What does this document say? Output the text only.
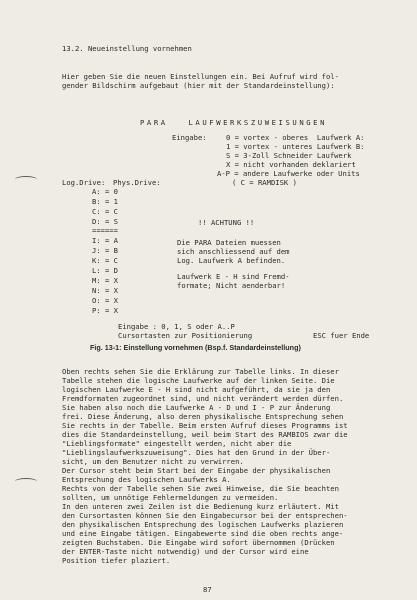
13.2. Neueinstellung vornehmen
Hier geben Sie die neuen Einstellungen ein. Bei Aufruf wird fol-
gender Bildschirm aufgebaut (hier mit der Standardeinstellung):
PARA   LAUFWERKSZUWEISUNGEN
Eingabe:	0 = vortex - oberes  Laufwerk A:
1 = vortex - unteres Laufwerk B:
S = 3-Zoll Schneider Laufwerk
X = nicht vorhanden deklariert
A-P = andere Laufwerke oder Units
( C = RAMDISK )
Log.Drive: Phys.Drive:
A: = 0
B: = 1
C: = C
D: = S
======
I: = A
J: = B
K: = C
L: = D
M: = X
N: = X
O: = X
P: = X
!! ACHTUNG !!
Die PARA Dateien muessen
sich anschliessend auf dem
Log. Laufwerk A befinden.
Laufwerk E - H sind Fremd-
formate; Nicht aenderbar!
Eingabe : 0, 1, S oder A..P
Cursortasten zur Positionierung	ESC fuer Ende
Fig. 13-1: Einstellung vornehmen (Bsp.f. Standardeinstellung)
Oben rechts sehen Sie die Erklärung zur Tabelle links. In dieser
Tabelle stehen die logische Laufwerke auf der linken Seite. Die
logischen Laufwerke E - H sind nicht aufgeführt, da sie ja den
Fremdformaten zugeordnet sind, und nicht verändert werden dürfen.
Sie haben also noch die Laufwerke A - D und I - P zur Änderung
frei. Diese Änderung, also deren physikalische Entsprechung sehen
Sie rechts in der Tabelle. Beim ersten Aufruf dieses Programms ist
dies die Standardeinstellung, weil beim Start des RAMBIOS zwar die
"Lieblingsformate" eingestellt werden, nicht aber die
"Lieblingslaufwerkszuweisung". Dies hat den Grund in der Über-
sicht, um den Benutzer nicht zu verwirren.
Der Cursor steht beim Start bei der Eingabe der physikalischen
Entsprechung des logischen Laufwerks A.
Rechts von der Tabelle sehen Sie zwei Hinweise, die Sie beachten
sollten, um unnötige Fehlermeldungen zu vermeiden.
In den unteren zwei Zeilen ist die Bedienung kurz erläutert. Mit
den Cursortasten können Sie den Eingabecursor bei der entsprechen-
den physikalischen Entsprechung des logischen Laufwerks plazieren
und eine Eingabe tätigen. Eingabewerte sind die oben rechts ange-
zeigten Buchstaben. Die Eingabe wird sofort übernommen (Drücken
der ENTER-Taste nicht notwendig) und der Cursor wird eine
Position tiefer plaziert.
87
